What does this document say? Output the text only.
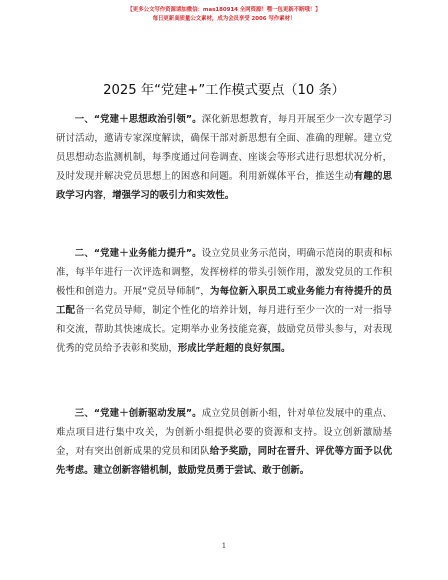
【更多公文写作资源请加微信：mas180914 全网资源！嘿一包更新不断哦！】
每日更新高质量公文素材，成为会员享受 2006 写作素材！
2025 年“党建+”工作模式要点（10 条）

一、“党建＋思想政治引领”。深化新思想教育，每月开展至少一次专题学习研讨活动，邀请专家深度解读，确保干部对新思想有全面、准确的理解。建立党员思想动态监测机制，每季度通过问卷调查、座谈会等形式进行思想状况分析，及时发现并解决党员思想上的困惑和问题。利用新媒体平台，推送生动有趣的思政学习内容，增强学习的吸引力和实效性。

二、“党建＋业务能力提升”。设立党员业务示范岗，明确示范岗的职责和标准，每半年进行一次评选和调整，发挥榜样的带头引领作用，激发党员的工作积极性和创造力。开展“党员导师制”，为每位新入职员工或业务能力有待提升的员工配备一名党员导师，制定个性化的培养计划，每月进行至少一次的一对一指导和交流，帮助其快速成长。定期举办业务技能竞赛，鼓励党员带头参与，对表现优秀的党员给予表彰和奖励，形成比学赶超的良好氛围。

三、“党建＋创新驱动发展”。成立党员创新小组，针对单位发展中的重点、难点项目进行集中攻关，为创新小组提供必要的资源和支持。设立创新激励基金，对有突出创新成果的党员和团队给予奖励，同时在晋升、评优等方面予以优先考虑。建立创新容错机制，鼓励党员勇于尝试、敢于创新。

1
